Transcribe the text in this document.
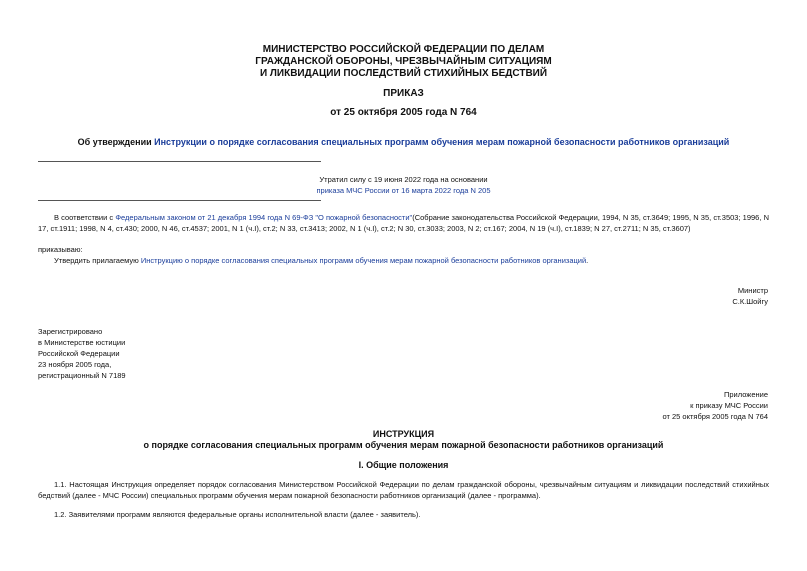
МИНИСТЕРСТВО РОССИЙСКОЙ ФЕДЕРАЦИИ ПО ДЕЛАМ
ГРАЖДАНСКОЙ ОБОРОНЫ, ЧРЕЗВЫЧАЙНЫМ СИТУАЦИЯМ
И ЛИКВИДАЦИИ ПОСЛЕДСТВИЙ СТИХИЙНЫХ БЕДСТВИЙ
ПРИКАЗ
от 25 октября 2005 года N 764
Об утверждении Инструкции о порядке согласования специальных программ обучения мерам пожарной безопасности работников организаций
Утратил силу с 19 июня 2022 года на основании
приказа МЧС России от 16 марта 2022 года N 205
В соответствии с Федеральным законом от 21 декабря 1994 года N 69-ФЗ "О пожарной безопасности"(Собрание законодательства Российской Федерации, 1994, N 35, ст.3649; 1995, N 35, ст.3503; 1996, N 17, ст.1911; 1998, N 4, ст.430; 2000, N 46, ст.4537; 2001, N 1 (ч.I), ст.2; N 33, ст.3413; 2002, N 1 (ч.I), ст.2; N 30, ст.3033; 2003, N 2; ст.167; 2004, N 19 (ч.I), ст.1839; N 27, ст.2711; N 35, ст.3607)
приказываю:
Утвердить прилагаемую Инструкцию о порядке согласования специальных программ обучения мерам пожарной безопасности работников организаций.
Министр
С.К.Шойгу
Зарегистрировано
в Министерстве юстиции
Российской Федерации
23 ноября 2005 года,
регистрационный N 7189
Приложение
к приказу МЧС России
от 25 октября 2005 года N 764
ИНСТРУКЦИЯ
о порядке согласования специальных программ обучения мерам пожарной безопасности работников организаций
I. Общие положения
1.1. Настоящая Инструкция определяет порядок согласования Министерством Российской Федерации по делам гражданской обороны, чрезвычайным ситуациям и ликвидации последствий стихийных бедствий (далее - МЧС России) специальных программ обучения мерам пожарной безопасности работников организаций (далее - программа).
1.2. Заявителями программ являются федеральные органы исполнительной власти (далее - заявитель).
